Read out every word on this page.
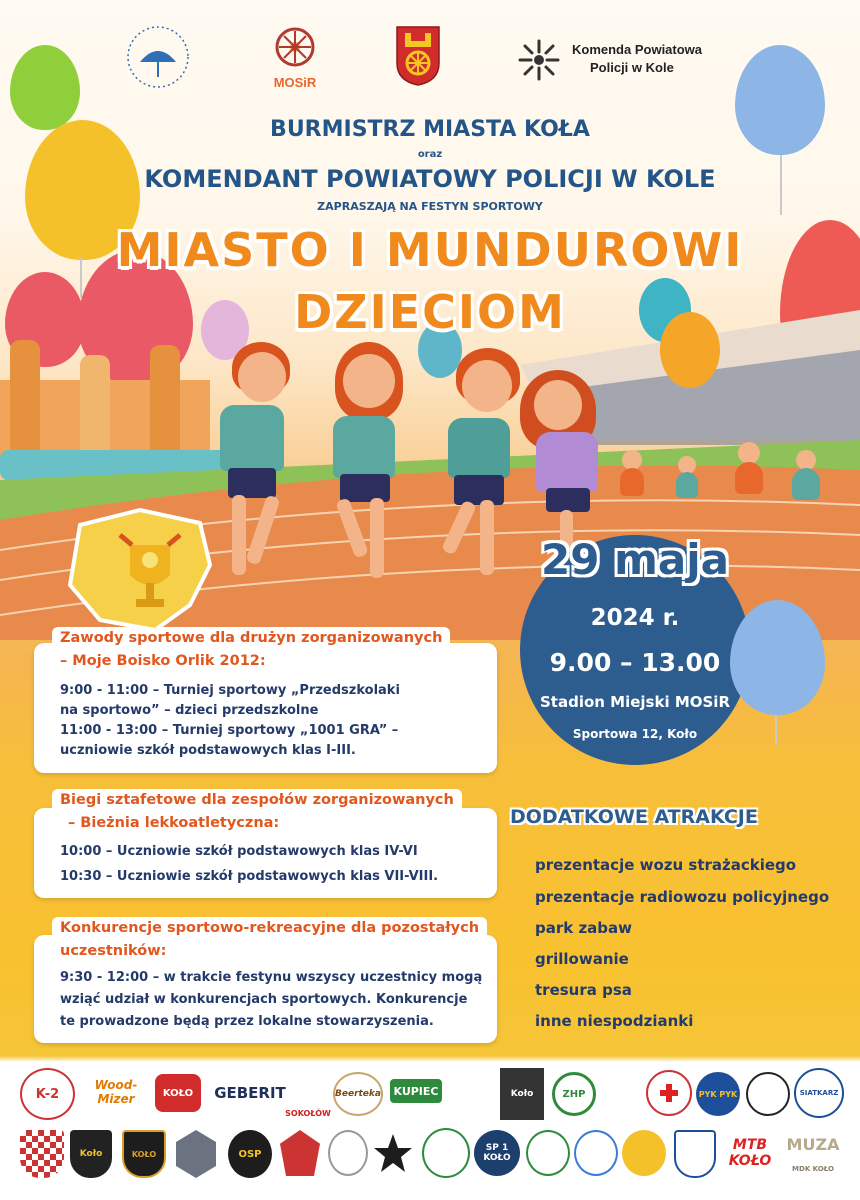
MOSiR
Komenda Powiatowa
Policji w Kole
BURMISTRZ MIASTA KOŁA
oraz
KOMENDANT POWIATOWY POLICJI W KOLE
ZAPRASZAJĄ NA FESTYN SPORTOWY
MIASTO I MUNDUROWI
DZIECIOM
29 maja
2024 r.
9.00 – 13.00
Stadion Miejski MOSiR
Sportowa 12, Koło
Zawody sportowe dla drużyn zorganizowanych
– Moje Boisko Orlik 2012:
9:00 - 11:00 – Turniej sportowy „Przedszkolaki
na sportowo” – dzieci przedszkolne
11:00 - 13:00 – Turniej sportowy „1001 GRA” –
uczniowie szkół podstawowych klas I-III.
Biegi sztafetowe dla zespołów zorganizowanych
– Bieżnia lekkoatletyczna:
10:00 – Uczniowie szkół podstawowych klas IV-VI
10:30 – Uczniowie szkół podstawowych klas VII-VIII.
Konkurencje sportowo-rekreacyjne dla pozostałych
uczestników:
9:30 - 12:00 – w trakcie festynu wszyscy uczestnicy mogą
wziąć udział w konkurencjach sportowych. Konkurencje
te prowadzone będą przez lokalne stowarzyszenia.
DODATKOWE ATRAKCJE
prezentacje wozu strażackiego
prezentacje radiowozu policyjnego
park zabaw
grillowanie
tresura psa
inne niespodzianki
K-2
Wood-Mizer	KOŁO GEBERIT
SOKOŁÓW
Beerteka KUPIEC	Koło	ZHP	PYK PYK	SIATKARZ
Koło	KOŁO	OSP
SP 1 KOŁO
MTB KOŁO
MUZA
MDK KOŁO
